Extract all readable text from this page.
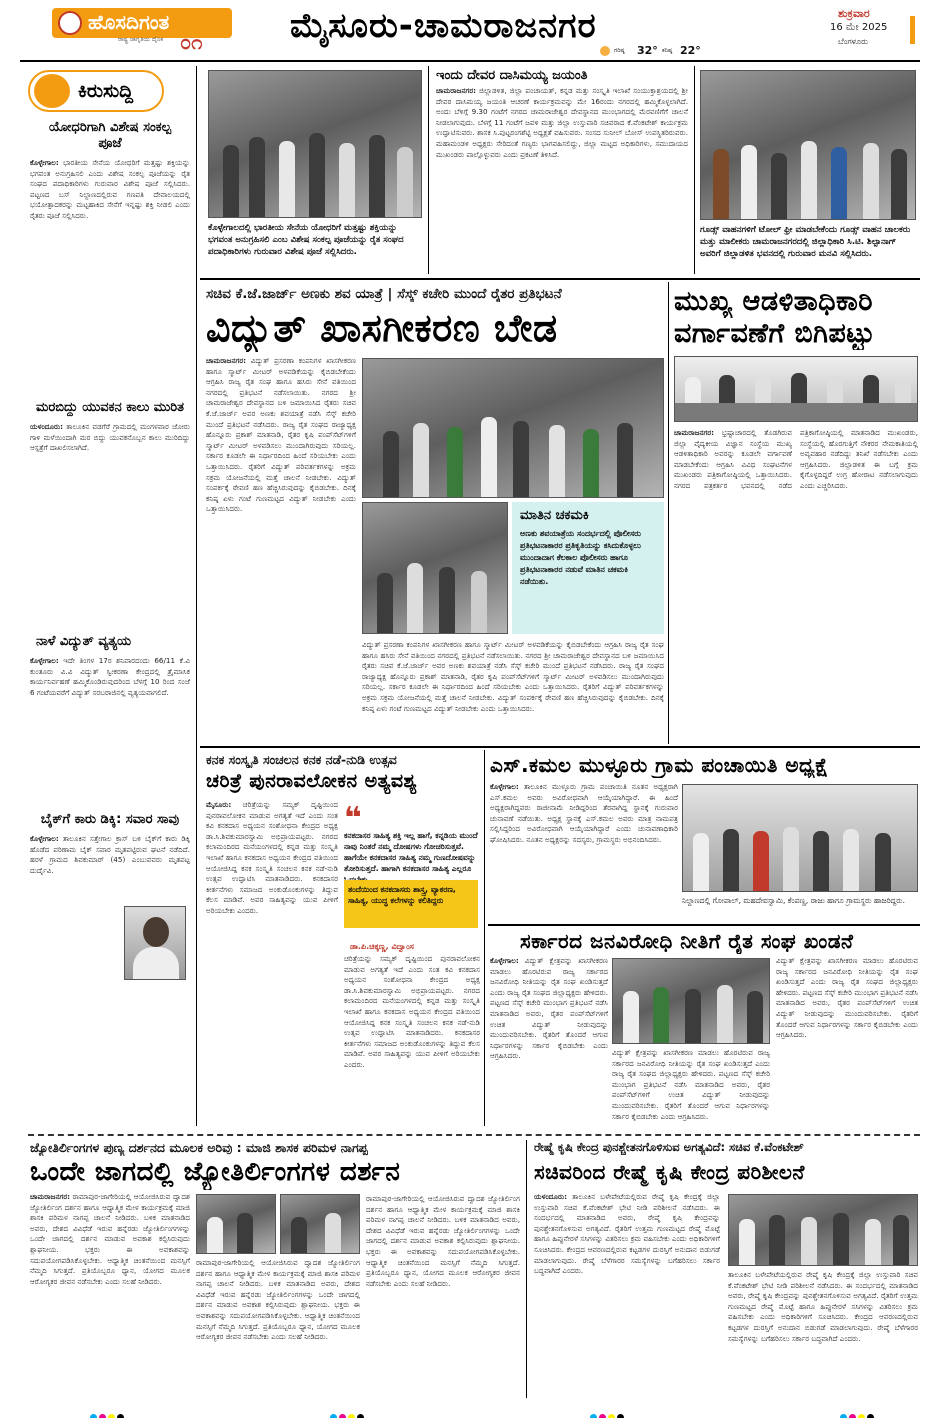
ಹೊಸದಿಗಂತ
ರಾಷ್ಟ್ರ ಜಾಗೃತಿಯ ದೈನಿಕ ೦೧	ಮೈಸೂರು-ಚಾಮರಾಜನಗರ
ಗರಿಷ್ಠ 32° ಕನಿಷ್ಠ 22°
ಶುಕ್ರವಾರ
16 ಮೇ 2025
ಬೆಂಗಳೂರು
ಕಿರುಸುದ್ದಿ
ಯೋಧರಿಗಾಗಿ ವಿಶೇಷ ಸಂಕಲ್ಪ ಪೂಜೆ
ಕೊಳ್ಳೇಗಾಲ: ಭಾರತೀಯ ಸೇನೆಯ ಯೋಧರಿಗೆ ಮತ್ತಷ್ಟು ಶಕ್ತಿಯನ್ನು ಭಗವಂತ ಅನುಗ್ರಹಿಸಲಿ ಎಂದು ವಿಶೇಷ ಸಂಕಲ್ಪ ಪೂಜೆಯನ್ನು ರೈತ ಸಂಘದ ಪದಾಧಿಕಾರಿಗಳು ಗುರುವಾರ ವಿಶೇಷ ಪೂಜೆ ಸಲ್ಲಿಸಿದರು. ಪಟ್ಟಣದ ಬಸ್ ನಿಲ್ದಾಣದಲ್ಲಿರುವ ಗಣಪತಿ ದೇವಾಲಯದಲ್ಲಿ ಭಯೋತ್ಪಾದಕರನ್ನು ಮಟ್ಟಹಾಕಿದ ಸೇನೆಗೆ ಇನ್ನಷ್ಟು ಶಕ್ತಿ ನೀಡಲಿ ಎಂದು ರೈತರು ಪೂಜೆ ಸಲ್ಲಿಸಿದರು.
ಮರಬಿದ್ದು ಯುವಕನ ಕಾಲು ಮುರಿತ
ಯಳಂದೂರು: ತಾಲೂಕಿನ ವಡಗೆರೆ ಗ್ರಾಮದಲ್ಲಿ ಮಂಗಳವಾರ ಜೋರು ಗಾಳಿ ಮಳೆಯಿಂದಾಗಿ ಮರ ಬಿದ್ದು ಯುವಕನೊಬ್ಬನ ಕಾಲು ಮುರಿದಿದ್ದು ಆಸ್ಪತ್ರೆಗೆ ದಾಖಲಿಸಲಾಗಿದೆ.
ನಾಳೆ ವಿದ್ಯುತ್ ವ್ಯತ್ಯಯ
ಕೊಳ್ಳೇಗಾಲ: ಇದೇ ತಿಂಗಳ 17ರ ಶನಿವಾರದಂದು 66/11 ಕೆ.ವಿ ಕುಂತೂರು ವಿ.ವಿ ವಿದ್ಯುತ್ ಸ್ವೀಕರಣಾ ಕೇಂದ್ರದಲ್ಲಿ ತ್ರೈಮಾಸಿಕ ಕಾರ್ಯನಿರ್ವಹಣೆ ಹಮ್ಮಿಕೊಂಡಿರುವುದರಿಂದ ಬೆಳಗ್ಗೆ 10 ರಿಂದ ಸಂಜೆ 6 ಗಂಟೆಯವರೆಗೆ ವಿದ್ಯುತ್ ಸರಬರಾಜಿನಲ್ಲಿ ವ್ಯತ್ಯಯವಾಗಲಿದೆ.
ಬೈಕ್‌ಗೆ ಕಾರು ಡಿಕ್ಕಿ: ಸವಾರ ಸಾವು
ಕೊಳ್ಳೇಗಾಲ: ತಾಲೂಕಿನ ಸತ್ತೇಗಾಲ ಕ್ರಾಸ್ ಬಳಿ ಬೈಕ್‌ಗೆ ಕಾರು ಡಿಕ್ಕಿ ಹೊಡೆದ ಪರಿಣಾಮ ಬೈಕ್ ಸವಾರ ಮೃತಪಟ್ಟಿರುವ ಘಟನೆ ನಡೆದಿದೆ. ಹರಳೆ ಗ್ರಾಮದ ಶಿವಕುಮಾರ್ (45) ಎಂಬುವವರು ಮೃತಪಟ್ಟ ದುರ್ದೈವಿ.
ಕೊಳ್ಳೇಗಾಲದಲ್ಲಿ ಭಾರತೀಯ ಸೇನೆಯ ಯೋಧರಿಗೆ ಮತ್ತಷ್ಟು ಶಕ್ತಿಯನ್ನು ಭಗವಂತ ಅನುಗ್ರಹಿಸಲಿ ಎಂಬ ವಿಶೇಷ ಸಂಕಲ್ಪ ಪೂಜೆಯನ್ನು ರೈತ ಸಂಘದ ಪದಾಧಿಕಾರಿಗಳು ಗುರುವಾರ ವಿಶೇಷ ಪೂಜೆ ಸಲ್ಲಿಸಿದರು.
ಇಂದು ದೇವರ ದಾಸಿಮಯ್ಯ ಜಯಂತಿ
ಚಾಮರಾಜನಗರ: ಜಿಲ್ಲಾಡಳಿತ, ಜಿಲ್ಲಾ ಪಂಚಾಯತ್, ಕನ್ನಡ ಮತ್ತು ಸಂಸ್ಕೃತಿ ಇಲಾಖೆ ಸಂಯುಕ್ತಾಶ್ರಯದಲ್ಲಿ ಶ್ರೀ ದೇವರ ದಾಸಿಮಯ್ಯ ಜಯಂತಿ ಆಚರಣೆ ಕಾರ್ಯಕ್ರಮವನ್ನು ಮೇ 16ರಂದು ನಗರದಲ್ಲಿ ಹಮ್ಮಿಕೊಳ್ಳಲಾಗಿದೆ. ಅಂದು ಬೆಳಿಗ್ಗೆ 9.30 ಗಂಟೆಗೆ ನಗರದ ಚಾಮರಾಜೇಶ್ವರ ದೇವಸ್ಥಾನದ ಮುಂಭಾಗದಲ್ಲಿ ಮೆರವಣಿಗೆಗೆ ಚಾಲನೆ ನೀಡಲಾಗುವುದು. ಬೆಳಗ್ಗೆ 11 ಗಂಟೆಗೆ ಜವಳಿ ಮತ್ತು ಜಿಲ್ಲಾ ಉಸ್ತುವಾರಿ ಸಚಿವರಾದ ಕೆ.ವೆಂಕಟೇಶ್ ಕಾರ್ಯಕ್ರಮ ಉದ್ಘಾಟಿಸುವರು. ಶಾಸಕ ಸಿ.ಪುಟ್ಟರಂಗಶೆಟ್ಟಿ ಅಧ್ಯಕ್ಷತೆ ವಹಿಸುವರು. ಸಂಸದ ಸುನೀಲ್ ಬೋಸ್ ಉಪಸ್ಥಿತರಿರುವರು. ಮಹಾಮಂಡಳಿ ಅಧ್ಯಕ್ಷರು ಸೇರಿದಂತೆ ಗಣ್ಯರು ಭಾಗವಹಿಸಲಿದ್ದು, ಜಿಲ್ಲಾ ಮಟ್ಟದ ಅಧಿಕಾರಿಗಳು, ಸಮುದಾಯದ ಮುಖಂಡರು ಪಾಲ್ಗೊಳ್ಳುವರು ಎಂದು ಪ್ರಕಟಣೆ ತಿಳಿಸಿದೆ.
ಗೂಡ್ಸ್ ವಾಹನಗಳಿಗೆ ಟೋಲ್ ಫ್ರೀ ಮಾಡಬೇಕೆಂದು ಗೂಡ್ಸ್ ವಾಹನ ಚಾಲಕರು ಮತ್ತು ಮಾಲೀಕರು ಚಾಮರಾಜನಗರದಲ್ಲಿ ಜಿಲ್ಲಾಧಿಕಾರಿ ಸಿ.ಟಿ. ಶಿಲ್ಪಾನಾಗ್ ಅವರಿಗೆ ಜಿಲ್ಲಾಡಳಿತ ಭವನದಲ್ಲಿ ಗುರುವಾರ ಮನವಿ ಸಲ್ಲಿಸಿದರು.
ಸಚಿವ ಕೆ.ಜೆ.ಜಾರ್ಜ್ ಅಣಕು ಶವ ಯಾತ್ರೆ | ಸೆಸ್ಕ್ ಕಚೇರಿ ಮುಂದೆ ರೈತರ ಪ್ರತಿಭಟನೆ
ವಿದ್ಯುತ್ ಖಾಸಗೀಕರಣ ಬೇಡ
ಚಾಮರಾಜನಗರ: ವಿದ್ಯುತ್ ಪ್ರಸರಣಾ ಕಂಪನಿಗಳ ಖಾಸಗೀಕರಣ ಹಾಗೂ ಸ್ಮಾರ್ಟ್ ಮೀಟರ್ ಅಳವಡಿಕೆಯನ್ನು ಕೈಬಿಡಬೇಕೆಂದು ಆಗ್ರಹಿಸಿ ರಾಜ್ಯ ರೈತ ಸಂಘ ಹಾಗೂ ಹಸಿರು ಸೇನೆ ವತಿಯಿಂದ ನಗರದಲ್ಲಿ ಪ್ರತಿಭಟನೆ ನಡೆಸಲಾಯಿತು. ನಗರದ ಶ್ರೀ ಚಾಮರಾಜೇಶ್ವರ ದೇವಸ್ಥಾನದ ಬಳಿ ಜಮಾಯಿಸಿದ ರೈತರು ಸಚಿವ ಕೆ.ಜೆ.ಜಾರ್ಜ್ ಅವರ ಅಣಕು ಶವಯಾತ್ರೆ ನಡೆಸಿ ಸೆಸ್ಕ್ ಕಚೇರಿ ಮುಂದೆ ಪ್ರತಿಭಟನೆ ನಡೆಸಿದರು. ರಾಜ್ಯ ರೈತ ಸಂಘದ ರಾಜ್ಯಾಧ್ಯಕ್ಷ ಹೊನ್ನೂರು ಪ್ರಕಾಶ್ ಮಾತನಾಡಿ, ರೈತರ ಕೃಷಿ ಪಂಪ್‌ಸೆಟ್‌ಗಳಿಗೆ ಸ್ಮಾರ್ಟ್ ಮೀಟರ್ ಅಳವಡಿಸಲು ಮುಂದಾಗಿರುವುದು ಸರಿಯಲ್ಲ. ಸರ್ಕಾರ ಕೂಡಲೇ ಈ ನಿರ್ಧಾರದಿಂದ ಹಿಂದೆ ಸರಿಯಬೇಕು ಎಂದು ಒತ್ತಾಯಿಸಿದರು. ರೈತರಿಗೆ ವಿದ್ಯುತ್ ಪರಿವರ್ತಕಗಳನ್ನು ಅಕ್ರಮ ಸಕ್ರಮ ಯೋಜನೆಯಲ್ಲಿ ಮತ್ತೆ ಚಾಲನೆ ನೀಡಬೇಕು. ವಿದ್ಯುತ್ ಸಂಪರ್ಕಕ್ಕೆ ಠೇವಣಿ ಹಣ ಹೆಚ್ಚಿಸಿರುವುದನ್ನು ಕೈಬಿಡಬೇಕು. ದಿನಕ್ಕೆ ಕನಿಷ್ಠ ಏಳು ಗಂಟೆ ಗುಣಮಟ್ಟದ ವಿದ್ಯುತ್ ನೀಡಬೇಕು ಎಂದು ಒತ್ತಾಯಿಸಿದರು.	ಮಾತಿನ ಚಕಮಕಿ
ಅಣಕು ಶವಯಾತ್ರೆಯ ಸಂದರ್ಭದಲ್ಲಿ ಪೊಲೀಸರು ಪ್ರತಿಭಟನಾಕಾರರ ಪ್ರತಿಕೃತಿಯನ್ನು ಕಸಿದುಕೊಳ್ಳಲು ಮುಂದಾದಾಗ ಕೆಲಕಾಲ ಪೊಲೀಸರು ಹಾಗೂ ಪ್ರತಿಭಟನಾಕಾರರ ನಡುವೆ ಮಾತಿನ ಚಕಮಕಿ ನಡೆಯಿತು.
ವಿದ್ಯುತ್ ಪ್ರಸರಣಾ ಕಂಪನಿಗಳ ಖಾಸಗೀಕರಣ ಹಾಗೂ ಸ್ಮಾರ್ಟ್ ಮೀಟರ್ ಅಳವಡಿಕೆಯನ್ನು ಕೈಬಿಡಬೇಕೆಂದು ಆಗ್ರಹಿಸಿ ರಾಜ್ಯ ರೈತ ಸಂಘ ಹಾಗೂ ಹಸಿರು ಸೇನೆ ವತಿಯಿಂದ ನಗರದಲ್ಲಿ ಪ್ರತಿಭಟನೆ ನಡೆಸಲಾಯಿತು. ನಗರದ ಶ್ರೀ ಚಾಮರಾಜೇಶ್ವರ ದೇವಸ್ಥಾನದ ಬಳಿ ಜಮಾಯಿಸಿದ ರೈತರು ಸಚಿವ ಕೆ.ಜೆ.ಜಾರ್ಜ್ ಅವರ ಅಣಕು ಶವಯಾತ್ರೆ ನಡೆಸಿ ಸೆಸ್ಕ್ ಕಚೇರಿ ಮುಂದೆ ಪ್ರತಿಭಟನೆ ನಡೆಸಿದರು. ರಾಜ್ಯ ರೈತ ಸಂಘದ ರಾಜ್ಯಾಧ್ಯಕ್ಷ ಹೊನ್ನೂರು ಪ್ರಕಾಶ್ ಮಾತನಾಡಿ, ರೈತರ ಕೃಷಿ ಪಂಪ್‌ಸೆಟ್‌ಗಳಿಗೆ ಸ್ಮಾರ್ಟ್ ಮೀಟರ್ ಅಳವಡಿಸಲು ಮುಂದಾಗಿರುವುದು ಸರಿಯಲ್ಲ. ಸರ್ಕಾರ ಕೂಡಲೇ ಈ ನಿರ್ಧಾರದಿಂದ ಹಿಂದೆ ಸರಿಯಬೇಕು ಎಂದು ಒತ್ತಾಯಿಸಿದರು. ರೈತರಿಗೆ ವಿದ್ಯುತ್ ಪರಿವರ್ತಕಗಳನ್ನು ಅಕ್ರಮ ಸಕ್ರಮ ಯೋಜನೆಯಲ್ಲಿ ಮತ್ತೆ ಚಾಲನೆ ನೀಡಬೇಕು. ವಿದ್ಯುತ್ ಸಂಪರ್ಕಕ್ಕೆ ಠೇವಣಿ ಹಣ ಹೆಚ್ಚಿಸಿರುವುದನ್ನು ಕೈಬಿಡಬೇಕು. ದಿನಕ್ಕೆ ಕನಿಷ್ಠ ಏಳು ಗಂಟೆ ಗುಣಮಟ್ಟದ ವಿದ್ಯುತ್ ನೀಡಬೇಕು ಎಂದು ಒತ್ತಾಯಿಸಿದರು.
ಮುಖ್ಯ ಆಡಳಿತಾಧಿಕಾರಿ
ವರ್ಗಾವಣೆಗೆ ಬಿಗಿಪಟ್ಟು
ಚಾಮರಾಜನಗರ: ಭ್ರಷ್ಟಾಚಾರದಲ್ಲಿ ತೊಡಗಿರುವ ಜಿಲ್ಲಾ ವೈದ್ಯಕೀಯ ವಿಜ್ಞಾನ ಸಂಸ್ಥೆಯ ಮುಖ್ಯ ಆಡಳಿತಾಧಿಕಾರಿ ಅವರನ್ನು ಕೂಡಲೇ ವರ್ಗಾವಣೆ ಮಾಡಬೇಕೆಂದು ಆಗ್ರಹಿಸಿ ವಿವಿಧ ಸಂಘಟನೆಗಳ ಮುಖಂಡರು ಪತ್ರಿಕಾಗೋಷ್ಠಿಯಲ್ಲಿ ಒತ್ತಾಯಿಸಿದರು. ನಗರದ ಪತ್ರಕರ್ತರ ಭವನದಲ್ಲಿ ನಡೆದ ಪತ್ರಿಕಾಗೋಷ್ಠಿಯಲ್ಲಿ ಮಾತನಾಡಿದ ಮುಖಂಡರು, ಸಂಸ್ಥೆಯಲ್ಲಿ ಹೊರಗುತ್ತಿಗೆ ನೌಕರರ ನೇಮಕಾತಿಯಲ್ಲಿ ಅವ್ಯವಹಾರ ನಡೆದಿದ್ದು ತನಿಖೆ ನಡೆಸಬೇಕು ಎಂದು ಆಗ್ರಹಿಸಿದರು. ಜಿಲ್ಲಾಡಳಿತ ಈ ಬಗ್ಗೆ ಕ್ರಮ ಕೈಗೊಳ್ಳದಿದ್ದರೆ ಉಗ್ರ ಹೋರಾಟ ನಡೆಸಲಾಗುವುದು ಎಂದು ಎಚ್ಚರಿಸಿದರು.
ಕನಕ ಸಂಸ್ಕೃತಿ ಸಂಚಲನ ಕನಕ ನಡೆ-ನುಡಿ ಉತ್ಸವ
ಚರಿತ್ರೆ ಪುನರಾವಲೋಕನ ಅತ್ಯವಶ್ಯ
ಮೈಸೂರು: ಚರಿತ್ರೆಯನ್ನು ಸಮ್ಯಕ್ ದೃಷ್ಟಿಯಿಂದ ಪುನರಾವಲೋಕನ ಮಾಡುವ ಅಗತ್ಯತೆ ಇದೆ ಎಂದು ಸಂತ ಕವಿ ಕನಕದಾಸ ಅಧ್ಯಯನ ಸಂಶೋಧನಾ ಕೇಂದ್ರದ ಅಧ್ಯಕ್ಷ ಡಾ.ಸಿ.ಶಿವಕುಮಾರಸ್ವಾಮಿ ಅಭಿಪ್ರಾಯಪಟ್ಟರು. ನಗರದ ಕಲಾಮಂದಿರದ ಮನೆಯಂಗಳದಲ್ಲಿ ಕನ್ನಡ ಮತ್ತು ಸಂಸ್ಕೃತಿ ಇಲಾಖೆ ಹಾಗೂ ಕನಕದಾಸ ಅಧ್ಯಯನ ಕೇಂದ್ರದ ವತಿಯಿಂದ ಆಯೋಜಿಸಿದ್ದ ಕನಕ ಸಂಸ್ಕೃತಿ ಸಂಚಲನ ಕನಕ ನಡೆ-ನುಡಿ ಉತ್ಸವ ಉದ್ಘಾಟಿಸಿ ಮಾತನಾಡಿದರು. ಕನಕದಾಸರ ಕೀರ್ತನೆಗಳು ಸಮಾಜದ ಅಂಕುಡೊಂಕುಗಳನ್ನು ತಿದ್ದುವ ಕೆಲಸ ಮಾಡಿವೆ. ಅವರ ಸಾಹಿತ್ಯವನ್ನು ಯುವ ಪೀಳಿಗೆ ಅರಿಯಬೇಕು ಎಂದರು.
❝
ಕನಕದಾಸರ ಸಾಹಿತ್ಯ ಶಕ್ತಿ ಇಲ್ಲ ಹಾಗೆ, ಕನ್ನಡಿಯ ಮುಂದೆ ನಾವು ನಿಂತರೆ ನಮ್ಮ ದೋಷಗಳು ಗೋಚರಿಸುತ್ತವೆ. ಹಾಗೆಯೇ ಕನಕದಾಸರ ಸಾಹಿತ್ಯ ನಮ್ಮ ಗುಣದೋಷವನ್ನು ತೋರಿಸುತ್ತದೆ. ಹಾಗಾಗಿ ಕನಕದಾಸರ ಸಾಹಿತ್ಯ ಎಲ್ಲರೂ
ಡಾ.ಪಿ.ಚಿಕ್ಕಣ್ಣ, ವಿದ್ವಾಂಸ
ತಂದೆಯಿಂದ ಕನಕದಾಸರು ಶಾಸ್ತ್ರ, ವ್ಯಾಕರಣ, ಸಾಹಿತ್ಯ, ಯುದ್ಧ ಕಲೆಗಳನ್ನು ಕಲಿತಿದ್ದರು
ಚರಿತ್ರೆಯನ್ನು ಸಮ್ಯಕ್ ದೃಷ್ಟಿಯಿಂದ ಪುನರಾವಲೋಕನ ಮಾಡುವ ಅಗತ್ಯತೆ ಇದೆ ಎಂದು ಸಂತ ಕವಿ ಕನಕದಾಸ ಅಧ್ಯಯನ ಸಂಶೋಧನಾ ಕೇಂದ್ರದ ಅಧ್ಯಕ್ಷ ಡಾ.ಸಿ.ಶಿವಕುಮಾರಸ್ವಾಮಿ ಅಭಿಪ್ರಾಯಪಟ್ಟರು. ನಗರದ ಕಲಾಮಂದಿರದ ಮನೆಯಂಗಳದಲ್ಲಿ ಕನ್ನಡ ಮತ್ತು ಸಂಸ್ಕೃತಿ ಇಲಾಖೆ ಹಾಗೂ ಕನಕದಾಸ ಅಧ್ಯಯನ ಕೇಂದ್ರದ ವತಿಯಿಂದ ಆಯೋಜಿಸಿದ್ದ ಕನಕ ಸಂಸ್ಕೃತಿ ಸಂಚಲನ ಕನಕ ನಡೆ-ನುಡಿ ಉತ್ಸವ ಉದ್ಘಾಟಿಸಿ ಮಾತನಾಡಿದರು. ಕನಕದಾಸರ ಕೀರ್ತನೆಗಳು ಸಮಾಜದ ಅಂಕುಡೊಂಕುಗಳನ್ನು ತಿದ್ದುವ ಕೆಲಸ ಮಾಡಿವೆ. ಅವರ ಸಾಹಿತ್ಯವನ್ನು ಯುವ ಪೀಳಿಗೆ ಅರಿಯಬೇಕು ಎಂದರು.
ಎಸ್.ಕಮಲ ಮುಳ್ಳೂರು ಗ್ರಾಮ ಪಂಚಾಯಿತಿ ಅಧ್ಯಕ್ಷೆ
ಕೊಳ್ಳೇಗಾಲ: ತಾಲೂಕಿನ ಮುಳ್ಳೂರು ಗ್ರಾಮ ಪಂಚಾಯಿತಿ ನೂತನ ಅಧ್ಯಕ್ಷರಾಗಿ ಎಸ್.ಕಮಲ ಅವರು ಅವಿರೋಧವಾಗಿ ಆಯ್ಕೆಯಾಗಿದ್ದಾರೆ. ಈ ಹಿಂದೆ ಅಧ್ಯಕ್ಷರಾಗಿದ್ದವರು ರಾಜೀನಾಮೆ ನೀಡಿದ್ದರಿಂದ ತೆರವಾಗಿದ್ದ ಸ್ಥಾನಕ್ಕೆ ಗುರುವಾರ ಚುನಾವಣೆ ನಡೆಯಿತು. ಅಧ್ಯಕ್ಷ ಸ್ಥಾನಕ್ಕೆ ಎಸ್.ಕಮಲ ಅವರು ಮಾತ್ರ ನಾಮಪತ್ರ ಸಲ್ಲಿಸಿದ್ದರಿಂದ ಅವಿರೋಧವಾಗಿ ಆಯ್ಕೆಯಾಗಿದ್ದಾರೆ ಎಂದು ಚುನಾವಣಾಧಿಕಾರಿ ಘೋಷಿಸಿದರು. ನೂತನ ಅಧ್ಯಕ್ಷರನ್ನು ಸದಸ್ಯರು, ಗ್ರಾಮಸ್ಥರು ಅಭಿನಂದಿಸಿದರು.
ನಿಲ್ದಾಣದಲ್ಲಿ ಗೋಪಾಲ್, ಮಹದೇವಸ್ವಾಮಿ, ಕೆಂಪಣ್ಣ, ರಾಜು ಹಾಗೂ ಗ್ರಾಮಸ್ಥರು ಹಾಜರಿದ್ದರು.
ಸರ್ಕಾರದ ಜನವಿರೋಧಿ ನೀತಿಗೆ ರೈತ ಸಂಘ ಖಂಡನೆ
ಕೊಳ್ಳೇಗಾಲ: ವಿದ್ಯುತ್ ಕ್ಷೇತ್ರವನ್ನು ಖಾಸಗೀಕರಣ ಮಾಡಲು ಹೊರಟಿರುವ ರಾಜ್ಯ ಸರ್ಕಾರದ ಜನವಿರೋಧಿ ನೀತಿಯನ್ನು ರೈತ ಸಂಘ ಖಂಡಿಸುತ್ತದೆ ಎಂದು ರಾಜ್ಯ ರೈತ ಸಂಘದ ಜಿಲ್ಲಾಧ್ಯಕ್ಷರು ಹೇಳಿದರು. ಪಟ್ಟಣದ ಸೆಸ್ಕ್ ಕಚೇರಿ ಮುಂಭಾಗ ಪ್ರತಿಭಟನೆ ನಡೆಸಿ ಮಾತನಾಡಿದ ಅವರು, ರೈತರ ಪಂಪ್‌ಸೆಟ್‌ಗಳಿಗೆ ಉಚಿತ ವಿದ್ಯುತ್ ನೀಡುವುದನ್ನು ಮುಂದುವರಿಸಬೇಕು. ರೈತರಿಗೆ ತೊಂದರೆ ಆಗುವ ನಿರ್ಧಾರಗಳನ್ನು ಸರ್ಕಾರ ಕೈಬಿಡಬೇಕು ಎಂದು ಆಗ್ರಹಿಸಿದರು.	ವಿದ್ಯುತ್ ಕ್ಷೇತ್ರವನ್ನು ಖಾಸಗೀಕರಣ ಮಾಡಲು ಹೊರಟಿರುವ ರಾಜ್ಯ ಸರ್ಕಾರದ ಜನವಿರೋಧಿ ನೀತಿಯನ್ನು ರೈತ ಸಂಘ ಖಂಡಿಸುತ್ತದೆ ಎಂದು ರಾಜ್ಯ ರೈತ ಸಂಘದ ಜಿಲ್ಲಾಧ್ಯಕ್ಷರು ಹೇಳಿದರು. ಪಟ್ಟಣದ ಸೆಸ್ಕ್ ಕಚೇರಿ ಮುಂಭಾಗ ಪ್ರತಿಭಟನೆ ನಡೆಸಿ ಮಾತನಾಡಿದ ಅವರು, ರೈತರ ಪಂಪ್‌ಸೆಟ್‌ಗಳಿಗೆ ಉಚಿತ ವಿದ್ಯುತ್ ನೀಡುವುದನ್ನು ಮುಂದುವರಿಸಬೇಕು. ರೈತರಿಗೆ ತೊಂದರೆ ಆಗುವ ನಿರ್ಧಾರಗಳನ್ನು ಸರ್ಕಾರ ಕೈಬಿಡಬೇಕು ಎಂದು ಆಗ್ರಹಿಸಿದರು.
ವಿದ್ಯುತ್ ಕ್ಷೇತ್ರವನ್ನು ಖಾಸಗೀಕರಣ ಮಾಡಲು ಹೊರಟಿರುವ ರಾಜ್ಯ ಸರ್ಕಾರದ ಜನವಿರೋಧಿ ನೀತಿಯನ್ನು ರೈತ ಸಂಘ ಖಂಡಿಸುತ್ತದೆ ಎಂದು ರಾಜ್ಯ ರೈತ ಸಂಘದ ಜಿಲ್ಲಾಧ್ಯಕ್ಷರು ಹೇಳಿದರು. ಪಟ್ಟಣದ ಸೆಸ್ಕ್ ಕಚೇರಿ ಮುಂಭಾಗ ಪ್ರತಿಭಟನೆ ನಡೆಸಿ ಮಾತನಾಡಿದ ಅವರು, ರೈತರ ಪಂಪ್‌ಸೆಟ್‌ಗಳಿಗೆ ಉಚಿತ ವಿದ್ಯುತ್ ನೀಡುವುದನ್ನು ಮುಂದುವರಿಸಬೇಕು. ರೈತರಿಗೆ ತೊಂದರೆ ಆಗುವ ನಿರ್ಧಾರಗಳನ್ನು ಸರ್ಕಾರ ಕೈಬಿಡಬೇಕು ಎಂದು ಆಗ್ರಹಿಸಿದರು.
ಜ್ಯೋತಿರ್ಲಿಂಗಗಳ ಪುಣ್ಯ ದರ್ಶನದ ಮೂಲಕ ಅರಿವು : ಮಾಜಿ ಶಾಸಕ ಪರಿಮಳ ನಾಗಪ್ಪ
ಒಂದೇ ಜಾಗದಲ್ಲಿ ಜ್ಯೋತಿರ್ಲಿಂಗಗಳ ದರ್ಶನ
ಚಾಮರಾಜನಗರ: ರಾಮಾಪುರ-ಜಾಗೇರಿಯಲ್ಲಿ ಆಯೋಜಿಸಿರುವ ದ್ವಾದಶ ಜ್ಯೋತಿರ್ಲಿಂಗ ದರ್ಶನ ಹಾಗೂ ಆಧ್ಯಾತ್ಮಿಕ ಮೇಳ ಕಾರ್ಯಕ್ರಮಕ್ಕೆ ಮಾಜಿ ಶಾಸಕಿ ಪರಿಮಳ ನಾಗಪ್ಪ ಚಾಲನೆ ನೀಡಿದರು. ಬಳಿಕ ಮಾತನಾಡಿದ ಅವರು, ದೇಶದ ವಿವಿಧೆಡೆ ಇರುವ ಹನ್ನೆರಡು ಜ್ಯೋತಿರ್ಲಿಂಗಗಳನ್ನು ಒಂದೇ ಜಾಗದಲ್ಲಿ ದರ್ಶನ ಮಾಡುವ ಅವಕಾಶ ಕಲ್ಪಿಸಿರುವುದು ಶ್ಲಾಘನೀಯ. ಭಕ್ತರು ಈ ಅವಕಾಶವನ್ನು ಸದುಪಯೋಗಪಡಿಸಿಕೊಳ್ಳಬೇಕು. ಆಧ್ಯಾತ್ಮಿಕ ಚಿಂತನೆಯಿಂದ ಮನಸ್ಸಿಗೆ ನೆಮ್ಮದಿ ಸಿಗುತ್ತದೆ. ಪ್ರತಿಯೊಬ್ಬರೂ ಧ್ಯಾನ, ಯೋಗದ ಮೂಲಕ ಆರೋಗ್ಯಕರ ಜೀವನ ನಡೆಸಬೇಕು ಎಂದು ಸಲಹೆ ನೀಡಿದರು.
ರಾಮಾಪುರ-ಜಾಗೇರಿಯಲ್ಲಿ ಆಯೋಜಿಸಿರುವ ದ್ವಾದಶ ಜ್ಯೋತಿರ್ಲಿಂಗ ದರ್ಶನ ಹಾಗೂ ಆಧ್ಯಾತ್ಮಿಕ ಮೇಳ ಕಾರ್ಯಕ್ರಮಕ್ಕೆ ಮಾಜಿ ಶಾಸಕಿ ಪರಿಮಳ ನಾಗಪ್ಪ ಚಾಲನೆ ನೀಡಿದರು. ಬಳಿಕ ಮಾತನಾಡಿದ ಅವರು, ದೇಶದ ವಿವಿಧೆಡೆ ಇರುವ ಹನ್ನೆರಡು ಜ್ಯೋತಿರ್ಲಿಂಗಗಳನ್ನು ಒಂದೇ ಜಾಗದಲ್ಲಿ ದರ್ಶನ ಮಾಡುವ ಅವಕಾಶ ಕಲ್ಪಿಸಿರುವುದು ಶ್ಲಾಘನೀಯ. ಭಕ್ತರು ಈ ಅವಕಾಶವನ್ನು ಸದುಪಯೋಗಪಡಿಸಿಕೊಳ್ಳಬೇಕು. ಆಧ್ಯಾತ್ಮಿಕ ಚಿಂತನೆಯಿಂದ ಮನಸ್ಸಿಗೆ ನೆಮ್ಮದಿ ಸಿಗುತ್ತದೆ. ಪ್ರತಿಯೊಬ್ಬರೂ ಧ್ಯಾನ, ಯೋಗದ ಮೂಲಕ ಆರೋಗ್ಯಕರ ಜೀವನ ನಡೆಸಬೇಕು ಎಂದು ಸಲಹೆ ನೀಡಿದರು.
ರಾಮಾಪುರ-ಜಾಗೇರಿಯಲ್ಲಿ ಆಯೋಜಿಸಿರುವ ದ್ವಾದಶ ಜ್ಯೋತಿರ್ಲಿಂಗ ದರ್ಶನ ಹಾಗೂ ಆಧ್ಯಾತ್ಮಿಕ ಮೇಳ ಕಾರ್ಯಕ್ರಮಕ್ಕೆ ಮಾಜಿ ಶಾಸಕಿ ಪರಿಮಳ ನಾಗಪ್ಪ ಚಾಲನೆ ನೀಡಿದರು. ಬಳಿಕ ಮಾತನಾಡಿದ ಅವರು, ದೇಶದ ವಿವಿಧೆಡೆ ಇರುವ ಹನ್ನೆರಡು ಜ್ಯೋತಿರ್ಲಿಂಗಗಳನ್ನು ಒಂದೇ ಜಾಗದಲ್ಲಿ ದರ್ಶನ ಮಾಡುವ ಅವಕಾಶ ಕಲ್ಪಿಸಿರುವುದು ಶ್ಲಾಘನೀಯ. ಭಕ್ತರು ಈ ಅವಕಾಶವನ್ನು ಸದುಪಯೋಗಪಡಿಸಿಕೊಳ್ಳಬೇಕು. ಆಧ್ಯಾತ್ಮಿಕ ಚಿಂತನೆಯಿಂದ ಮನಸ್ಸಿಗೆ ನೆಮ್ಮದಿ ಸಿಗುತ್ತದೆ. ಪ್ರತಿಯೊಬ್ಬರೂ ಧ್ಯಾನ, ಯೋಗದ ಮೂಲಕ ಆರೋಗ್ಯಕರ ಜೀವನ ನಡೆಸಬೇಕು ಎಂದು ಸಲಹೆ ನೀಡಿದರು.
ರೇಷ್ಮೆ ಕೃಷಿ ಕೇಂದ್ರ ಪುನಶ್ಚೇತನಗೊಳಿಸುವ ಅಗತ್ಯವಿದೆ: ಸಚಿವ ಕೆ.ವೆಂಕಟೇಶ್
ಸಚಿವರಿಂದ ರೇಷ್ಮೆ ಕೃಷಿ ಕೇಂದ್ರ ಪರಿಶೀಲನೆ
ಯಳಂದೂರು: ತಾಲೂಕಿನ ಬಳೇಪೇಟೆಯಲ್ಲಿರುವ ರೇಷ್ಮೆ ಕೃಷಿ ಕೇಂದ್ರಕ್ಕೆ ಜಿಲ್ಲಾ ಉಸ್ತುವಾರಿ ಸಚಿವ ಕೆ.ವೆಂಕಟೇಶ್ ಭೇಟಿ ನೀಡಿ ಪರಿಶೀಲನೆ ನಡೆಸಿದರು. ಈ ಸಂದರ್ಭದಲ್ಲಿ ಮಾತನಾಡಿದ ಅವರು, ರೇಷ್ಮೆ ಕೃಷಿ ಕೇಂದ್ರವನ್ನು ಪುನಶ್ಚೇತನಗೊಳಿಸುವ ಅಗತ್ಯವಿದೆ. ರೈತರಿಗೆ ಉತ್ತಮ ಗುಣಮಟ್ಟದ ರೇಷ್ಮೆ ಮೊಟ್ಟೆ ಹಾಗೂ ಹಿಪ್ಪುನೇರಳೆ ಸಸಿಗಳನ್ನು ವಿತರಿಸಲು ಕ್ರಮ ವಹಿಸಬೇಕು ಎಂದು ಅಧಿಕಾರಿಗಳಿಗೆ ಸೂಚಿಸಿದರು. ಕೇಂದ್ರದ ಆವರಣದಲ್ಲಿರುವ ಕಟ್ಟಡಗಳ ದುರಸ್ತಿಗೆ ಅನುದಾನ ಬಿಡುಗಡೆ ಮಾಡಲಾಗುವುದು. ರೇಷ್ಮೆ ಬೆಳೆಗಾರರ ಸಮಸ್ಯೆಗಳನ್ನು ಬಗೆಹರಿಸಲು ಸರ್ಕಾರ ಬದ್ಧವಾಗಿದೆ ಎಂದರು.	ತಾಲೂಕಿನ ಬಳೇಪೇಟೆಯಲ್ಲಿರುವ ರೇಷ್ಮೆ ಕೃಷಿ ಕೇಂದ್ರಕ್ಕೆ ಜಿಲ್ಲಾ ಉಸ್ತುವಾರಿ ಸಚಿವ ಕೆ.ವೆಂಕಟೇಶ್ ಭೇಟಿ ನೀಡಿ ಪರಿಶೀಲನೆ ನಡೆಸಿದರು. ಈ ಸಂದರ್ಭದಲ್ಲಿ ಮಾತನಾಡಿದ ಅವರು, ರೇಷ್ಮೆ ಕೃಷಿ ಕೇಂದ್ರವನ್ನು ಪುನಶ್ಚೇತನಗೊಳಿಸುವ ಅಗತ್ಯವಿದೆ. ರೈತರಿಗೆ ಉತ್ತಮ ಗುಣಮಟ್ಟದ ರೇಷ್ಮೆ ಮೊಟ್ಟೆ ಹಾಗೂ ಹಿಪ್ಪುನೇರಳೆ ಸಸಿಗಳನ್ನು ವಿತರಿಸಲು ಕ್ರಮ ವಹಿಸಬೇಕು ಎಂದು ಅಧಿಕಾರಿಗಳಿಗೆ ಸೂಚಿಸಿದರು. ಕೇಂದ್ರದ ಆವರಣದಲ್ಲಿರುವ ಕಟ್ಟಡಗಳ ದುರಸ್ತಿಗೆ ಅನುದಾನ ಬಿಡುಗಡೆ ಮಾಡಲಾಗುವುದು. ರೇಷ್ಮೆ ಬೆಳೆಗಾರರ ಸಮಸ್ಯೆಗಳನ್ನು ಬಗೆಹರಿಸಲು ಸರ್ಕಾರ ಬದ್ಧವಾಗಿದೆ ಎಂದರು.
